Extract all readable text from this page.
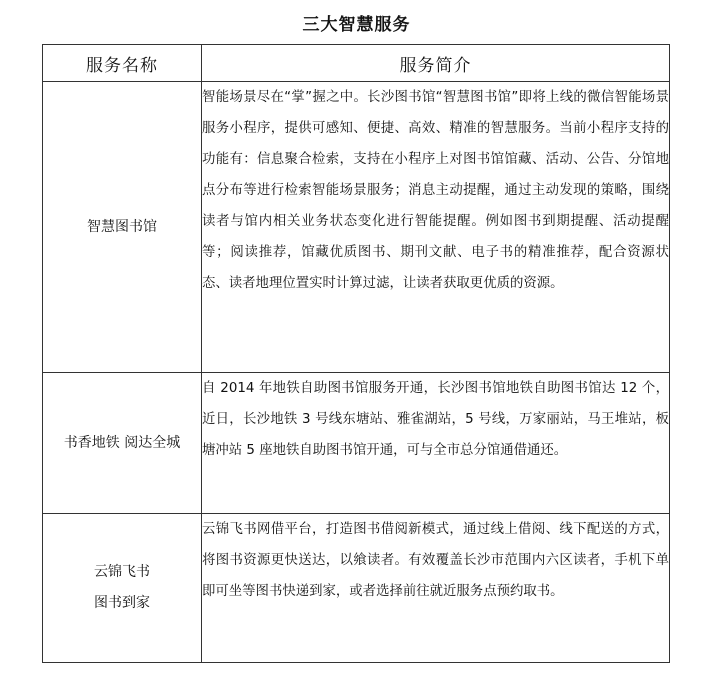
三大智慧服务
服务名称	服务简介

智慧图书馆	智能场景尽在“掌”握之中。长沙图书馆“智慧图书馆”即将上线的微信智能场景服务小程序，提供可感知、便捷、高效、精准的智慧服务。当前小程序支持的功能有：信息聚合检索，支持在小程序上对图书馆馆藏、活动、公告、分馆地点分布等进行检索智能场景服务；消息主动提醒，通过主动发现的策略，围绕读者与馆内相关业务状态变化进行智能提醒。例如图书到期提醒、活动提醒等；阅读推荐，馆藏优质图书、期刊文献、电子书的精准推荐，配合资源状态、读者地理位置实时计算过滤，让读者获取更优质的资源。

书香地铁 阅达全城	自 2014 年地铁自助图书馆服务开通，长沙图书馆地铁自助图书馆达 12 个，近日，长沙地铁 3 号线东塘站、雅雀湖站，5 号线，万家丽站，马王堆站，板塘冲站 5 座地铁自助图书馆开通，可与全市总分馆通借通还。

云锦飞书
图书到家	云锦飞书网借平台，打造图书借阅新模式，通过线上借阅、线下配送的方式，将图书资源更快送达，以飨读者。有效覆盖长沙市范围内六区读者，手机下单即可坐等图书快递到家，或者选择前往就近服务点预约取书。
